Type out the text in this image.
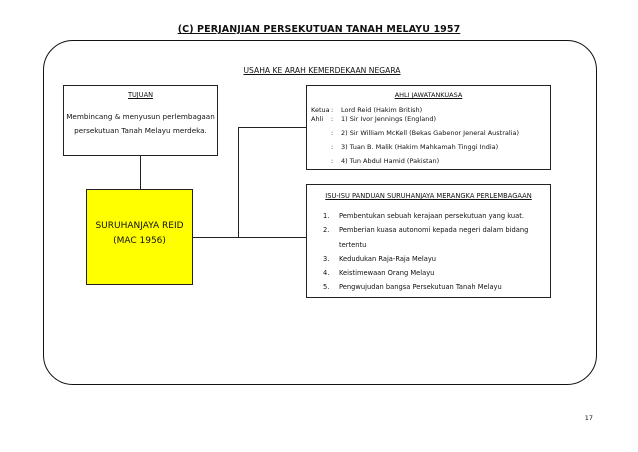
(C) PERJANJIAN PERSEKUTUAN TANAH MELAYU 1957
USAHA KE ARAH KEMERDEKAAN NEGARA
TUJUAN
Membincang & menyusun perlembagaan persekutuan Tanah Melayu merdeka.
SURUHANJAYA REID
(MAC 1956)
AHLI JAWATANKUASA
Ketua: Lord Reid (Hakim British)
Ahli : 1) Sir Ivor Jennings (England)
: 2) Sir William McKell (Bekas Gabenor Jeneral Australia)
: 3) Tuan B. Malik (Hakim Mahkamah Tinggi India)
: 4) Tun Abdul Hamid (Pakistan)
ISU-ISU PANDUAN SURUHANJAYA MERANGKA PERLEMBAGAAN
1. Pembentukan sebuah kerajaan persekutuan yang kuat.
2. Pemberian kuasa autonomi kepada negeri dalam bidang tertentu
3. Kedudukan Raja-Raja Melayu
4. Keistimewaan Orang Melayu
5. Pengwujudan bangsa Persekutuan Tanah Melayu
17
